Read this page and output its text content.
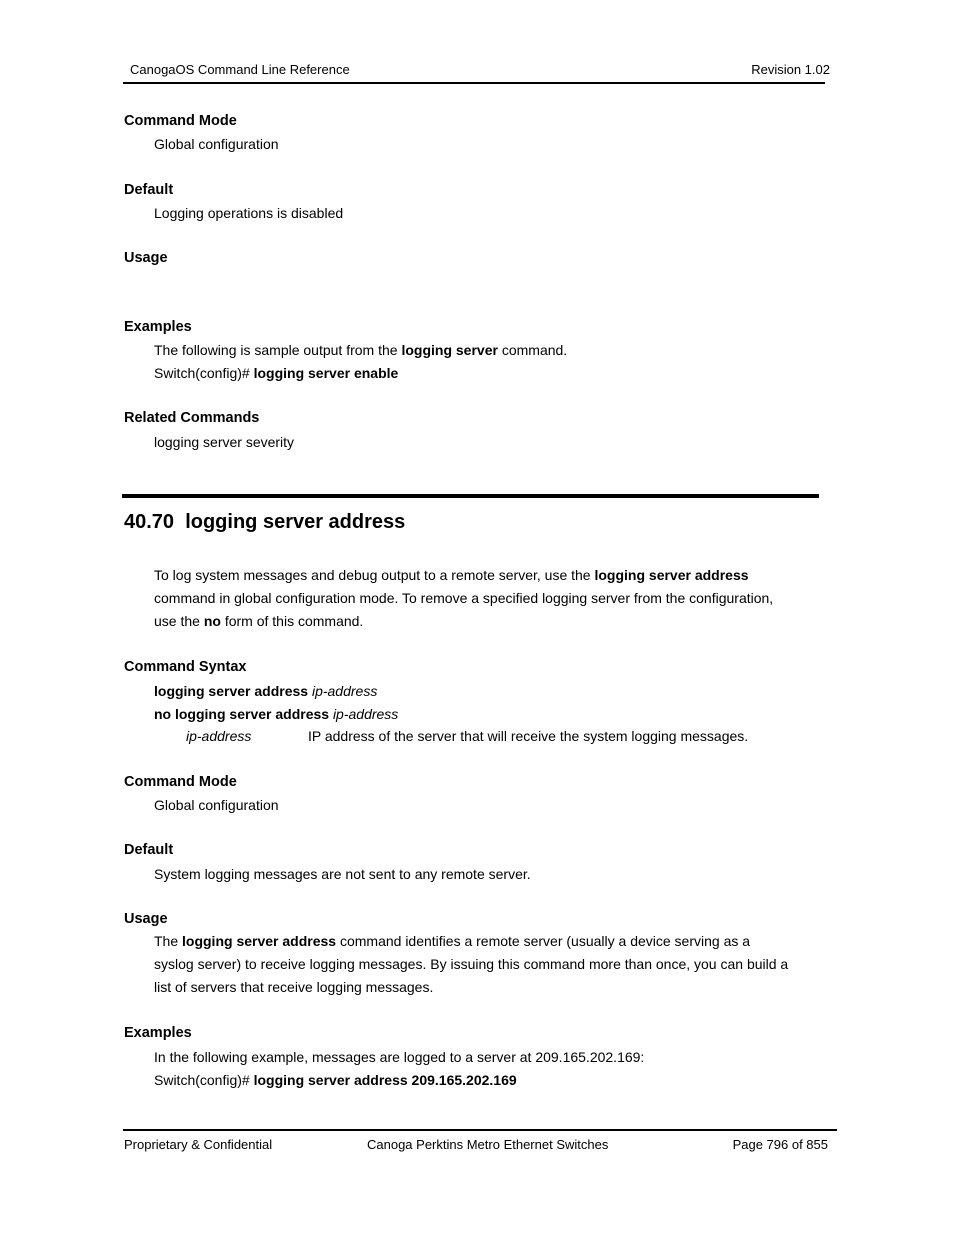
CanogaOS Command Line Reference	Revision 1.02
Command Mode
Global configuration
Default
Logging operations is disabled
Usage
Examples
The following is sample output from the logging server command.
Switch(config)# logging server enable
Related Commands
logging server severity
40.70 logging server address
To log system messages and debug output to a remote server, use the logging server address
command in global configuration mode. To remove a specified logging server from the configuration,
use the no form of this command.
Command Syntax
logging server address ip-address
no logging server address ip-address
ip-address	IP address of the server that will receive the system logging messages.
Command Mode
Global configuration
Default
System logging messages are not sent to any remote server.
Usage
The logging server address command identifies a remote server (usually a device serving as a
syslog server) to receive logging messages. By issuing this command more than once, you can build a
list of servers that receive logging messages.
Examples
In the following example, messages are logged to a server at 209.165.202.169:
Switch(config)# logging server address 209.165.202.169
Proprietary & Confidential	Canoga Perktins Metro Ethernet Switches	Page 796 of 855
